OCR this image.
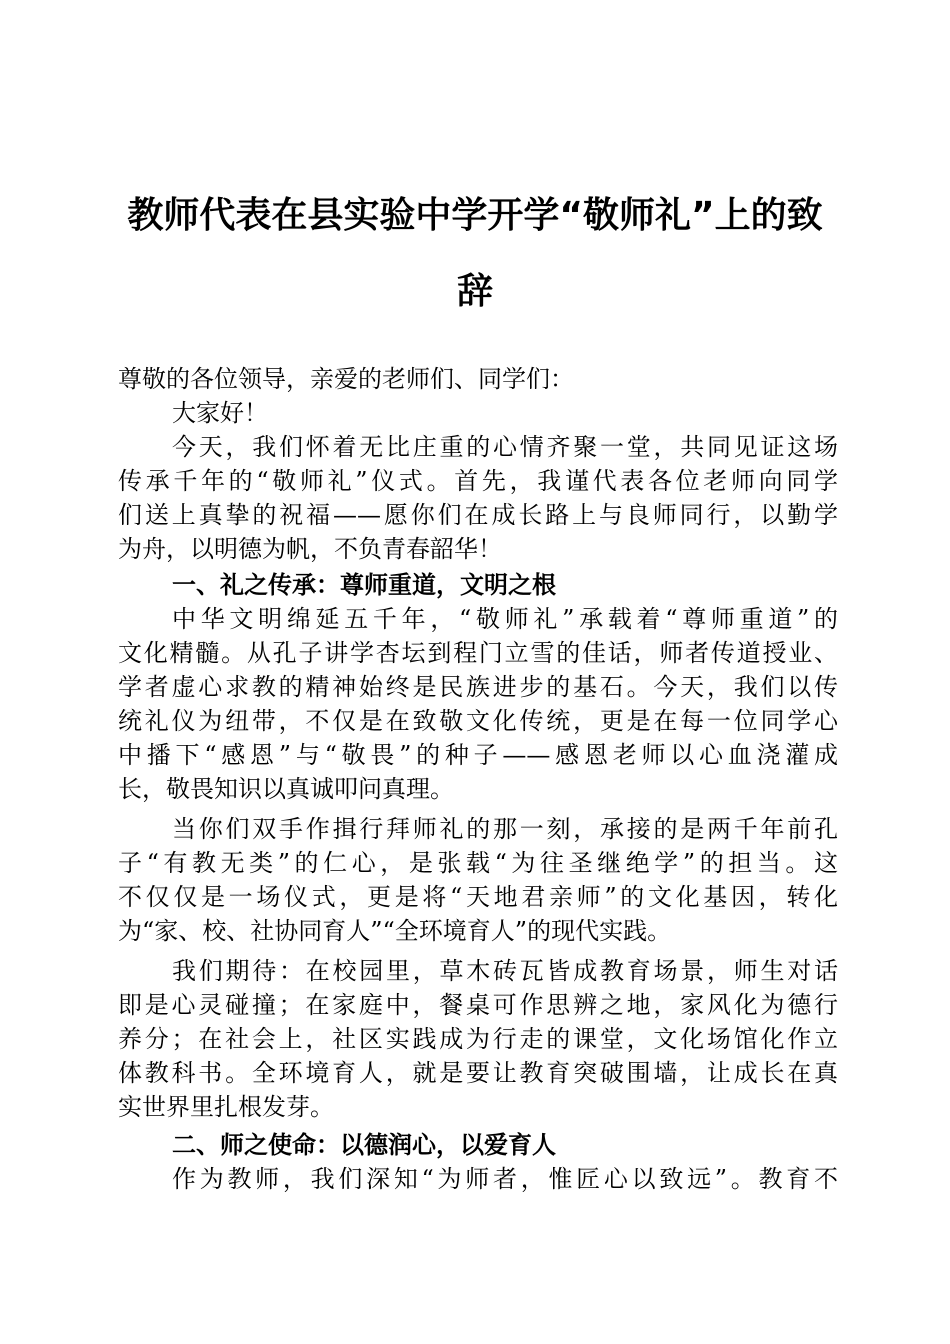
教师代表在县实验中学开学“敬师礼”上的致
辞
尊敬的各位领导，亲爱的老师们、同学们：
大家好！
今天，我们怀着无比庄重的心情齐聚一堂，共同见证这场
传承千年的“敬师礼”仪式。首先，我谨代表各位老师向同学
们送上真挚的祝福——愿你们在成长路上与良师同行，以勤学
为舟，以明德为帆，不负青春韶华！
一、礼之传承：尊师重道，文明之根
中华文明绵延五千年，“敬师礼”承载着“尊师重道”的
文化精髓。从孔子讲学杏坛到程门立雪的佳话，师者传道授业、
学者虚心求教的精神始终是民族进步的基石。今天，我们以传
统礼仪为纽带，不仅是在致敬文化传统，更是在每一位同学心
中播下“感恩”与“敬畏”的种子——感恩老师以心血浇灌成
长，敬畏知识以真诚叩问真理。
当你们双手作揖行拜师礼的那一刻，承接的是两千年前孔
子“有教无类”的仁心，是张载“为往圣继绝学”的担当。这
不仅仅是一场仪式，更是将“天地君亲师”的文化基因，转化
为“家、校、社协同育人”“全环境育人”的现代实践。
我们期待：在校园里，草木砖瓦皆成教育场景，师生对话
即是心灵碰撞；在家庭中，餐桌可作思辨之地，家风化为德行
养分；在社会上，社区实践成为行走的课堂，文化场馆化作立
体教科书。全环境育人，就是要让教育突破围墙，让成长在真
实世界里扎根发芽。
二、师之使命：以德润心，以爱育人
作为教师，我们深知“为师者，惟匠心以致远”。教育不
